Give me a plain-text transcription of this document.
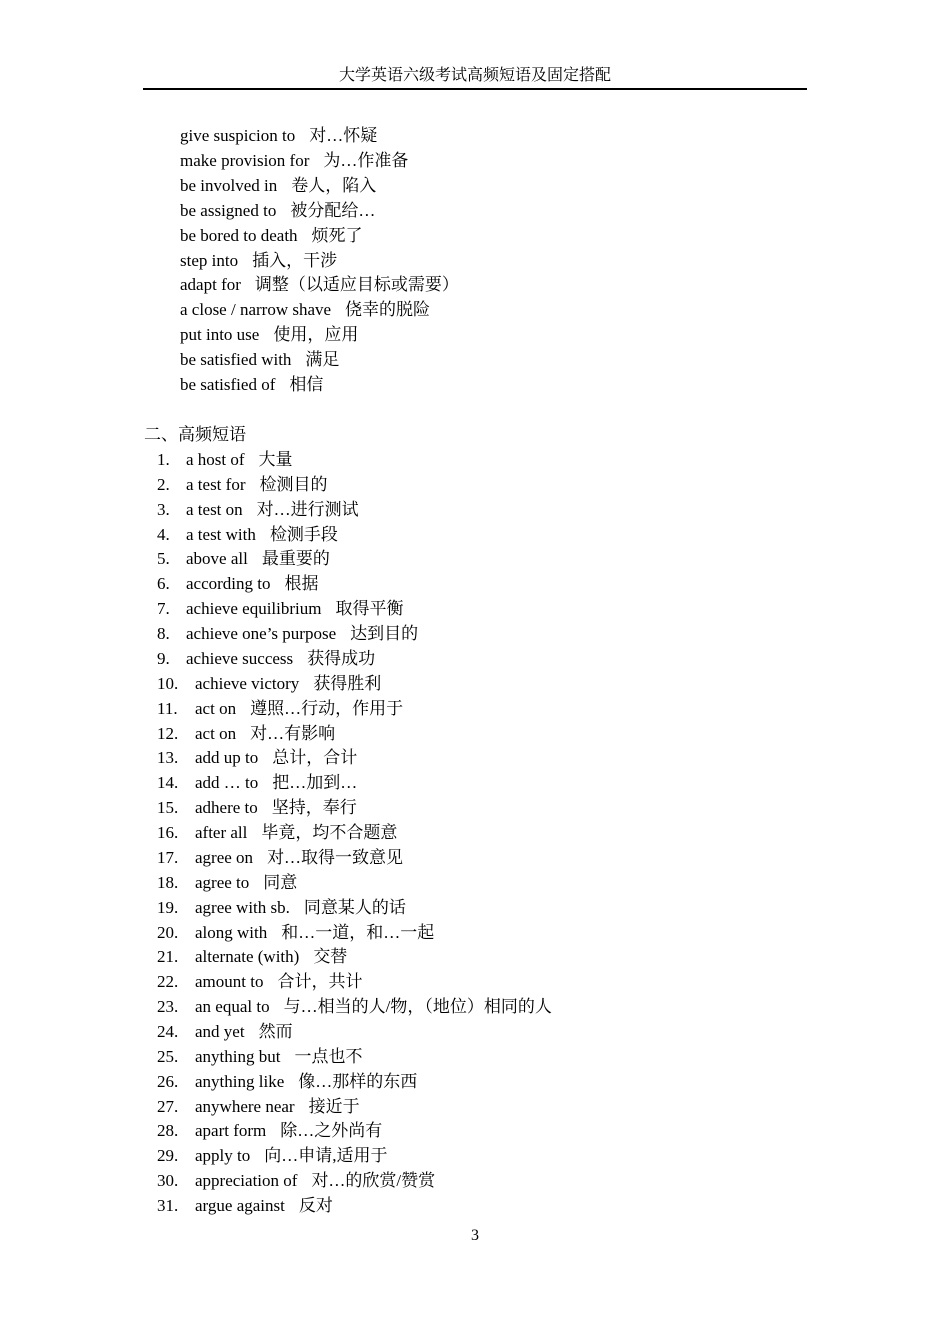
大学英语六级考试高频短语及固定搭配
give suspicion to 对…怀疑
make provision for 为…作准备
be involved in 卷人，陷入
be assigned to 被分配给…
be bored to death 烦死了
step into 插入，干涉
adapt for 调整（以适应目标或需要）
a close / narrow shave 侥幸的脱险
put into use 使用，应用
be satisfied with 满足
be satisfied of 相信
二、高频短语
1. a host of 大量
2. a test for 检测目的
3. a test on 对…进行测试
4. a test with 检测手段
5. above all 最重要的
6. according to 根据
7. achieve equilibrium 取得平衡
8. achieve one’s purpose 达到目的
9. achieve success 获得成功
10. achieve victory 获得胜利
11. act on 遵照…行动，作用于
12. act on 对…有影响
13. add up to 总计，合计
14. add … to 把…加到…
15. adhere to 坚持，奉行
16. after all 毕竟，均不合题意
17. agree on 对…取得一致意见
18. agree to 同意
19. agree with sb. 同意某人的话
20. along with 和…一道，和…一起
21. alternate (with) 交替
22. amount to 合计，共计
23. an equal to 与…相当的人/物，（地位）相同的人
24. and yet 然而
25. anything but 一点也不
26. anything like 像…那样的东西
27. anywhere near 接近于
28. apart form 除…之外尚有
29. apply to 向…申请,适用于
30. appreciation of 对…的欣赏/赞赏
31. argue against 反对
3
